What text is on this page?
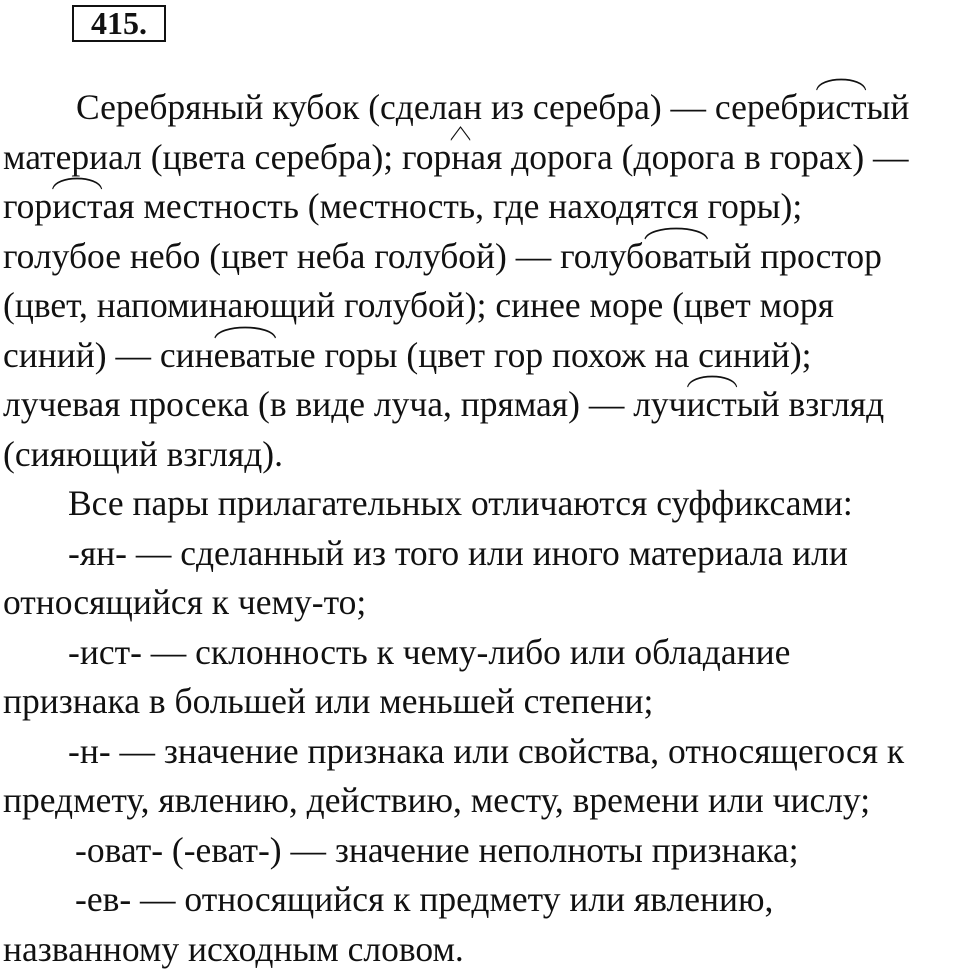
415.
Серебряный кубок (сделан из серебра) — серебрист
ый
материал (цвета серебра); горн
ая дорога (дорога в горах) —
горист
ая местность (местность, где находятся горы);
голубое небо (цвет неба голубой) — голубоват
ый простор
(цвет, напоминающий голубой); синее море (цвет моря
синий) — синеват
ые горы (цвет гор похож на синий);
лучевая просека (в виде луча, прямая) — лучист
ый взгляд
(сияющий взгляд).
Все пары прилагательных отличаются суффиксами:
-ян- — сделанный из того или иного материала или
относящийся к чему-то;
-ист- — склонность к чему-либо или обладание
признака в большей или меньшей степени;
-н- — значение признака или свойства, относящегося к
предмету, явлению, действию, месту, времени или числу;
-оват- (-еват-) — значение неполноты признака;
-ев- — относящийся к предмету или явлению,
названному исходным словом.
